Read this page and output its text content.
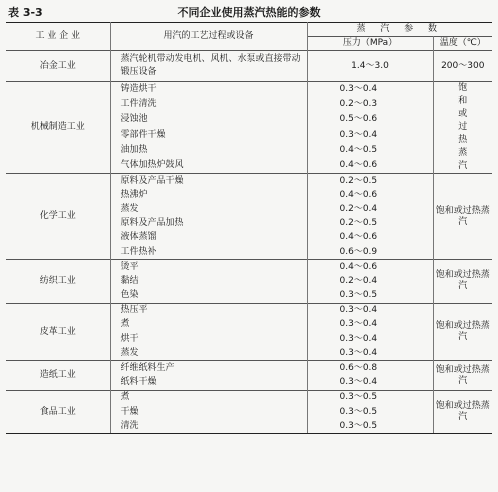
表 3-3	不同企业使用蒸汽热能的参数
工 业 企 业	用汽的工艺过程或设备	蒸 汽 参 数	
		压力（MPa）	温度（℃）
冶金工业	蒸汽轮机带动发电机、风机、水泵或直接带动锻压设备	1.4～3.0	200～300
机械制造工业	铸造烘干	0.3～0.4	饱和或过热蒸汽
	工件清洗	0.2～0.3	
	浸蚀池	0.5～0.6	
	零部件干燥	0.3～0.4	
	油加热	0.4～0.5	
	气体加热炉鼓风	0.4～0.6	
化学工业	原料及产品干燥	0.2～0.5	饱和或过热蒸汽
	热沸炉	0.4～0.6	
	蒸发	0.2～0.4	
	原料及产品加热	0.2～0.5	
	液体蒸馏	0.4～0.6	
	工件热补	0.6～0.9	
纺织工业	烫平	0.4～0.6	饱和或过热蒸汽
	黏结	0.2～0.4	
	色染	0.3～0.5	
皮革工业	热压平	0.3～0.4	饱和或过热蒸汽
	煮	0.3～0.4	
	烘干	0.3～0.4	
	蒸发	0.3～0.4	
造纸工业	纤维纸料生产	0.6～0.8	饱和或过热蒸汽
	纸料干燥	0.3～0.4	
食品工业	煮	0.3～0.5	饱和或过热蒸汽
	干燥	0.3～0.5	
	清洗	0.3～0.5	
